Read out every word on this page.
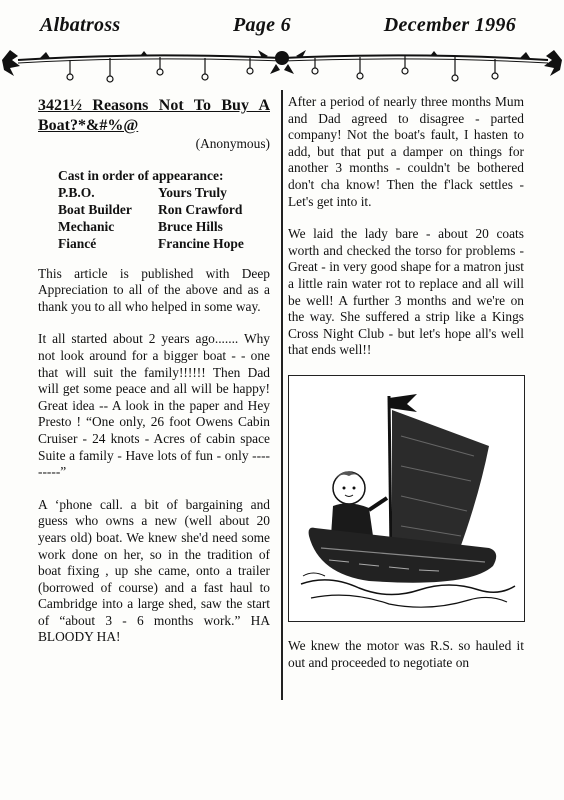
Albatross	Page 6	December 1996

3421½ Reasons Not To Buy A Boat?*&#%@

(Anonymous)
Cast in order of appearance:
P.B.O.	Yours Truly
Boat Builder	Ron Crawford
Mechanic	Bruce Hills
Fiancé	Francine Hope

This article is published with Deep Appreciation to all of the above and as a thank you to all who helped in some way.

It all started about 2 years ago....... Why not look around for a bigger boat - - one that will suit the family!!!!!! Then Dad will get some peace and all will be happy! Great idea -- A look in the paper and Hey Presto ! “One only, 26 foot Owens Cabin Cruiser - 24 knots - Acres of cabin space Suite a family - Have lots of fun - only ---------”

A ‘phone call. a bit of bargaining and guess who owns a new (well about 20 years old) boat. We knew she'd need some work done on her, so in the tradition of boat fixing , up she came, onto a trailer (borrowed of course) and a fast haul to Cambridge into a large shed, saw the start of “about 3 - 6 months work.” HA BLOODY HA!

After a period of nearly three months Mum and Dad agreed to disagree - parted company! Not the boat's fault, I hasten to add, but that put a damper on things for another 3 months - couldn't be bothered don't cha know! Then the f'lack settles - Let's get into it.

We laid the lady bare - about 20 coats worth and checked the torso for problems - Great - in very good shape for a matron just a little rain water rot to replace and all will be well! A further 3 months and we're on the way. She suffered a strip like a Kings Cross Night Club - but let's hope all's well that ends well!!

We knew the motor was R.S. so hauled it out and proceeded to negotiate on
